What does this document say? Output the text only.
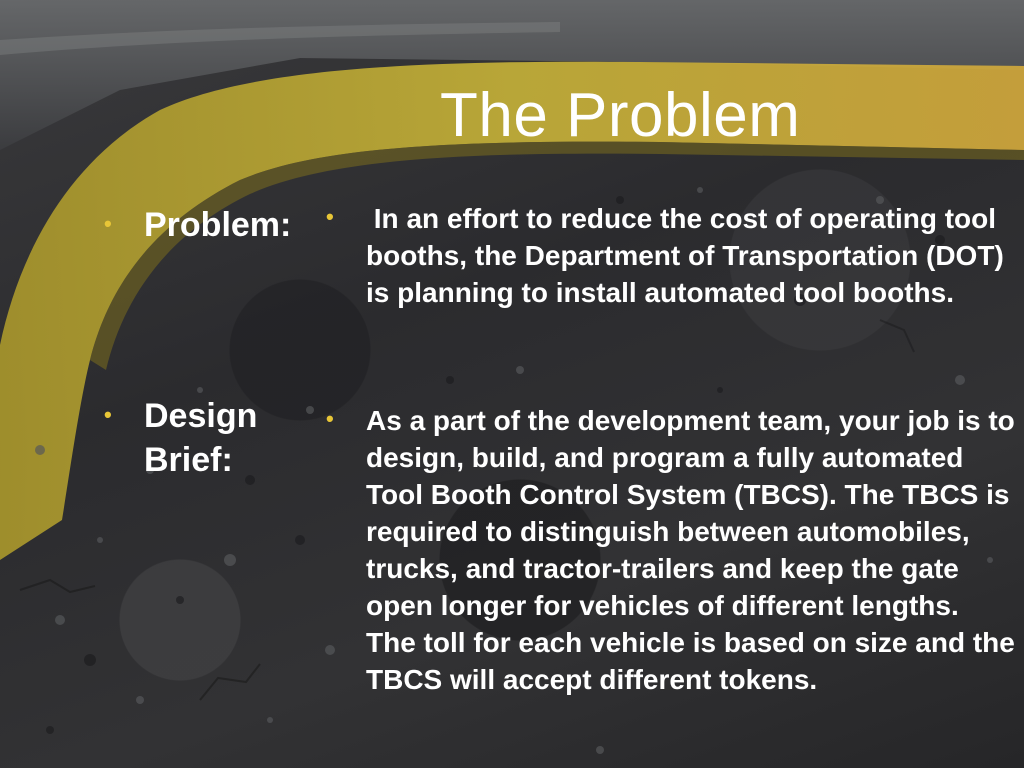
The Problem
• Problem:	• In an effort to reduce the cost of operating tool booths, the Department of Transportation (DOT) is planning to install automated tool booths.
• Design Brief:
• As a part of the development team, your job is to design, build, and program a fully automated Tool Booth Control System (TBCS). The TBCS is required to distinguish between automobiles, trucks, and tractor-trailers and keep the gate open longer for vehicles of different lengths. The toll for each vehicle is based on size and the TBCS will accept different tokens.
